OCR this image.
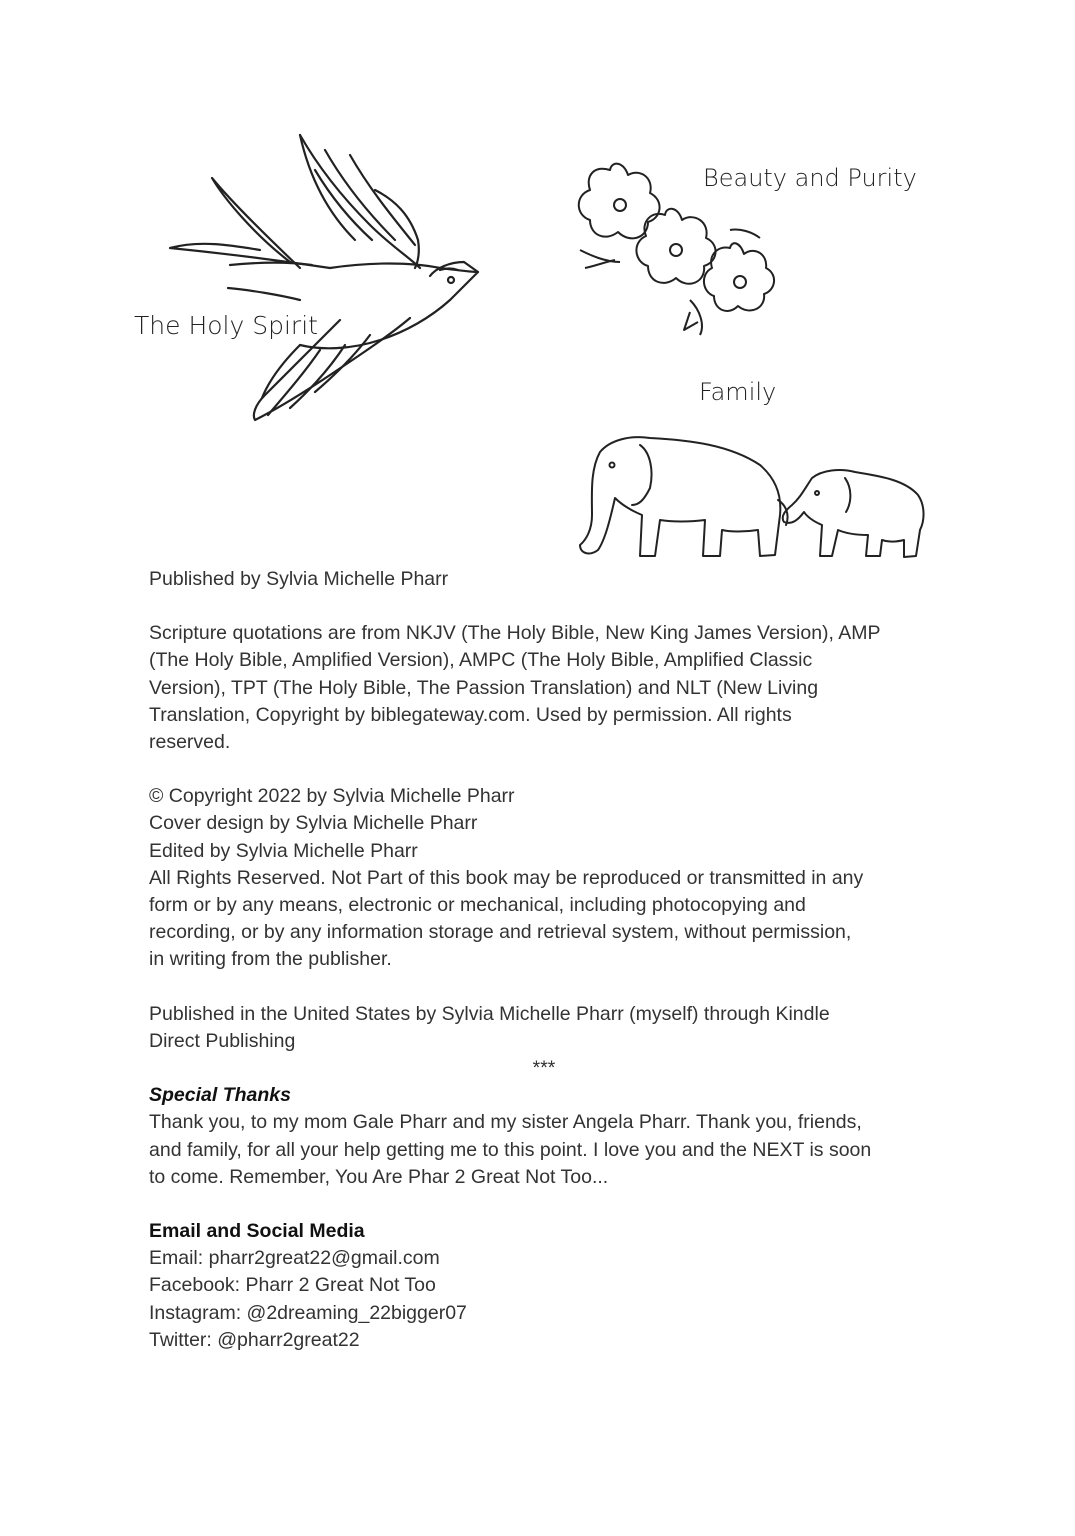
The Holy Spirit
Beauty and Purity
Family

Published by Sylvia Michelle Pharr

Scripture quotations are from NKJV (The Holy Bible, New King James Version), AMP
(The Holy Bible, Amplified Version), AMPC (The Holy Bible, Amplified Classic
Version), TPT (The Holy Bible, The Passion Translation) and NLT (New Living
Translation, Copyright by biblegateway.com. Used by permission. All rights
reserved.

© Copyright 2022 by Sylvia Michelle Pharr
Cover design by Sylvia Michelle Pharr
Edited by Sylvia Michelle Pharr
All Rights Reserved. Not Part of this book may be reproduced or transmitted in any
form or by any means, electronic or mechanical, including photocopying and
recording, or by any information storage and retrieval system, without permission,
in writing from the publisher.

Published in the United States by Sylvia Michelle Pharr (myself) through Kindle
Direct Publishing

***

Special Thanks

Thank you, to my mom Gale Pharr and my sister Angela Pharr. Thank you, friends,
and family, for all your help getting me to this point. I love you and the NEXT is soon
to come. Remember, You Are Phar 2 Great Not Too...

Email and Social Media

Email: pharr2great22@gmail.com
Facebook: Pharr 2 Great Not Too
Instagram: @2dreaming_22bigger07
Twitter: @pharr2great22
